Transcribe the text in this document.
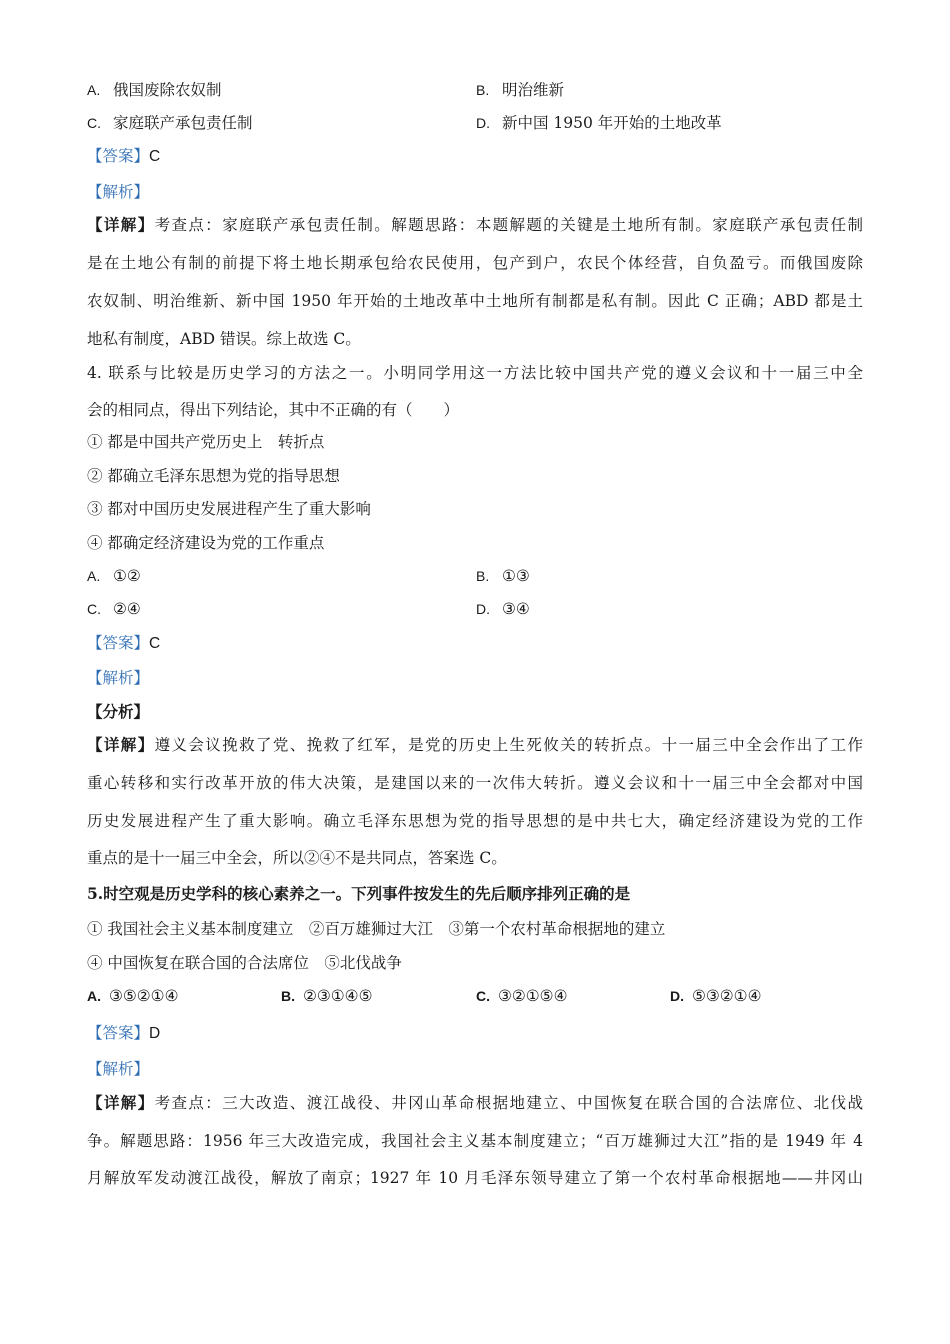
A. 俄国废除农奴制	B. 明治维新
C. 家庭联产承包责任制	D. 新中国 1950 年开始的土地改革
【答案】C
【解析】
【详解】考查点：家庭联产承包责任制。解题思路：本题解题的关键是土地所有制。家庭联产承包责任制
是在土地公有制的前提下将土地长期承包给农民使用，包产到户，农民个体经营，自负盈亏。而俄国废除
农奴制、明治维新、新中国 1950 年开始的土地改革中土地所有制都是私有制。因此 C 正确；ABD 都是土
地私有制度，ABD 错误。综上故选 C。
4. 联系与比较是历史学习的方法之一。小明同学用这一方法比较中国共产党的遵义会议和十一届三中全
会的相同点，得出下列结论，其中不正确的有（　　）
① 都是中国共产党历史上　转折点
② 都确立毛泽东思想为党的指导思想
③ 都对中国历史发展进程产生了重大影响
④ 都确定经济建设为党的工作重点
A. ①②	B. ①③
C. ②④	D. ③④
【答案】C
【解析】
【分析】
【详解】遵义会议挽救了党、挽救了红军，是党的历史上生死攸关的转折点。十一届三中全会作出了工作
重心转移和实行改革开放的伟大决策，是建国以来的一次伟大转折。遵义会议和十一届三中全会都对中国
历史发展进程产生了重大影响。确立毛泽东思想为党的指导思想的是中共七大，确定经济建设为党的工作
重点的是十一届三中全会，所以②④不是共同点，答案选 C。
5.时空观是历史学科的核心素养之一。下列事件按发生的先后顺序排列正确的是
① 我国社会主义基本制度建立　②百万雄狮过大江　③第一个农村革命根据地的建立
④ 中国恢复在联合国的合法席位　⑤北伐战争
A. ③⑤②①④	B. ②③①④⑤	C. ③②①⑤④	D. ⑤③②①④
【答案】D
【解析】
【详解】考查点：三大改造、渡江战役、井冈山革命根据地建立、中国恢复在联合国的合法席位、北伐战
争。解题思路：1956 年三大改造完成，我国社会主义基本制度建立；“百万雄狮过大江”指的是 1949 年 4
月解放军发动渡江战役，解放了南京；1927 年 10 月毛泽东领导建立了第一个农村革命根据地——井冈山
